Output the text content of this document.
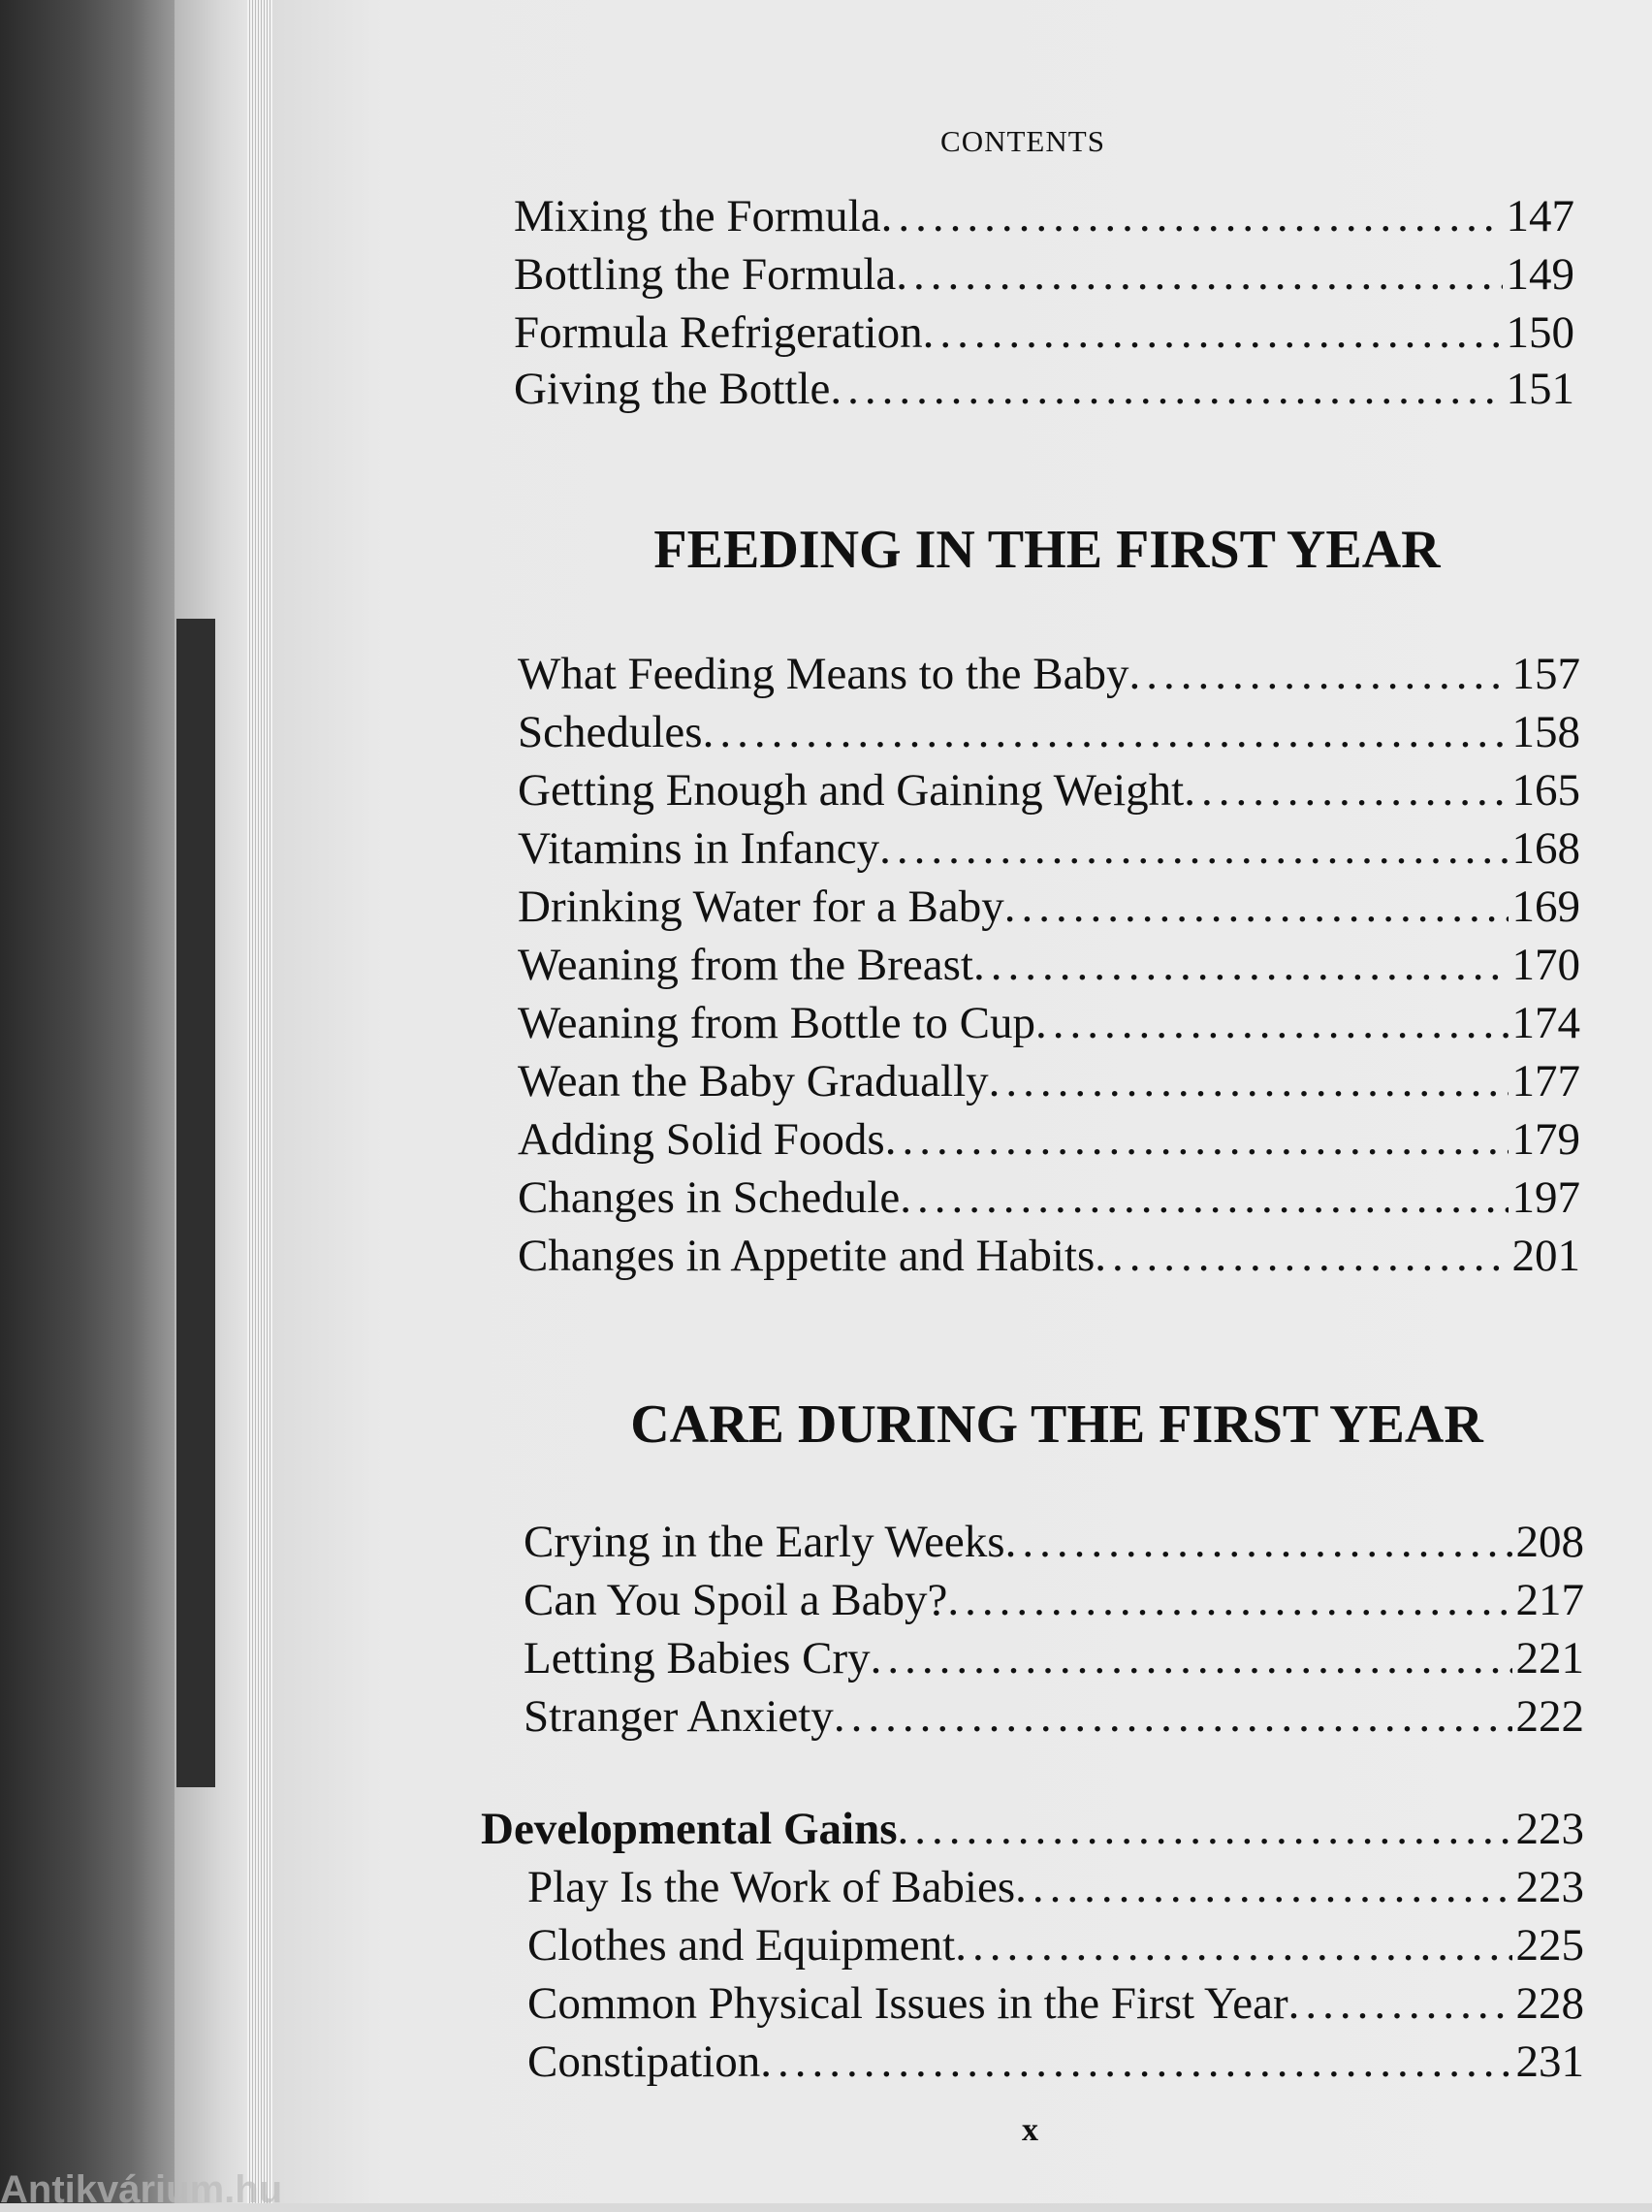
CONTENTS
Mixing the Formula .....	147
Bottling the Formula .....	149
Formula Refrigeration .....	150
Giving the Bottle .....	151
FEEDING IN THE FIRST YEAR
What Feeding Means to the Baby .....	157
Schedules .....	158
Getting Enough and Gaining Weight .....	165
Vitamins in Infancy .....	168
Drinking Water for a Baby .....	169
Weaning from the Breast .....	170
Weaning from Bottle to Cup .....	174
Wean the Baby Gradually .....	177
Adding Solid Foods .....	179
Changes in Schedule .....	197
Changes in Appetite and Habits .....	201
CARE DURING THE FIRST YEAR
Crying in the Early Weeks .....	208
Can You Spoil a Baby? .....	217
Letting Babies Cry .....	221
Stranger Anxiety .....	222
Developmental Gains .....	223
Play Is the Work of Babies .....	223
Clothes and Equipment .....	225
Common Physical Issues in the First Year .....	228
Constipation .....	231
x
Antikvárium.hu
